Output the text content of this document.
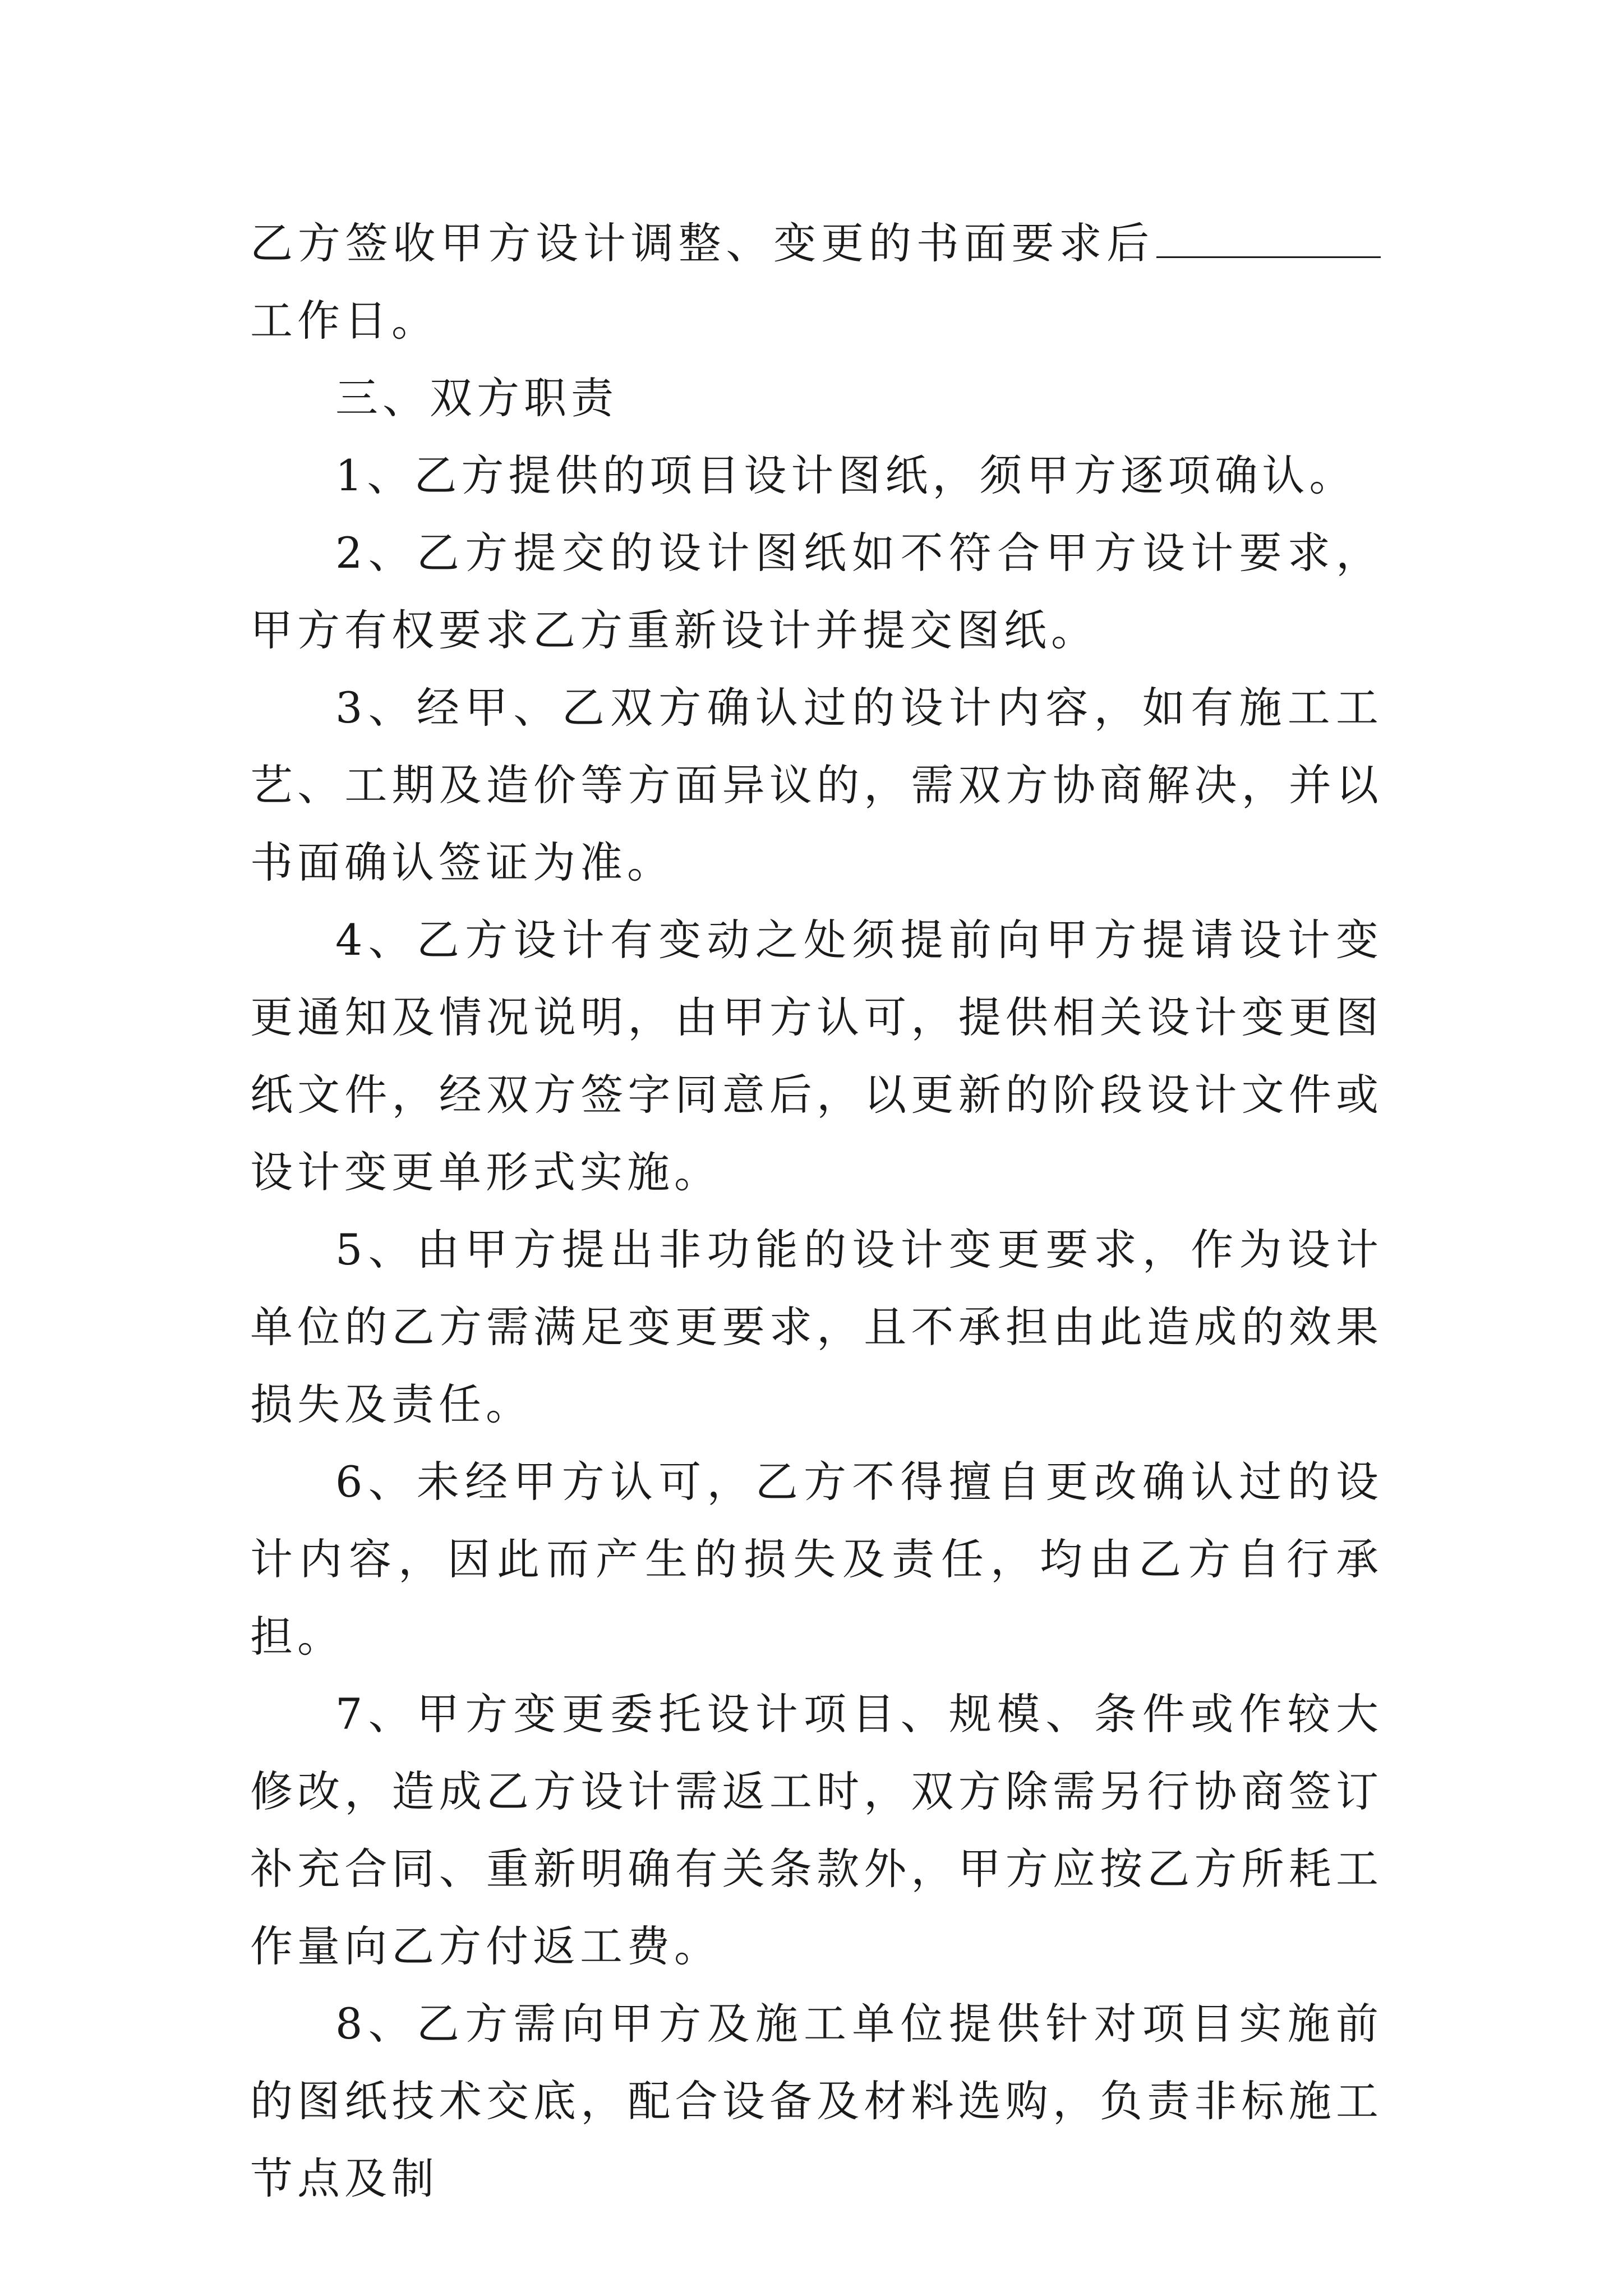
乙方签收甲方设计调整、变更的书面要求后工作日。

三、双方职责

1、乙方提供的项目设计图纸，须甲方逐项确认。

2、乙方提交的设计图纸如不符合甲方设计要求，甲方有权要求乙方重新设计并提交图纸。

3、经甲、乙双方确认过的设计内容，如有施工工艺、工期及造价等方面异议的，需双方协商解决，并以书面确认签证为准。

4、乙方设计有变动之处须提前向甲方提请设计变更通知及情况说明，由甲方认可，提供相关设计变更图纸文件，经双方签字同意后，以更新的阶段设计文件或设计变更单形式实施。

5、由甲方提出非功能的设计变更要求，作为设计单位的乙方需满足变更要求，且不承担由此造成的效果损失及责任。

6、未经甲方认可，乙方不得擅自更改确认过的设计内容，因此而产生的损失及责任，均由乙方自行承担。

7、甲方变更委托设计项目、规模、条件或作较大修改，造成乙方设计需返工时，双方除需另行协商签订补充合同、重新明确有关条款外，甲方应按乙方所耗工作量向乙方付返工费。

8、乙方需向甲方及施工单位提供针对项目实施前的图纸技术交底，配合设备及材料选购，负责非标施工节点及制
